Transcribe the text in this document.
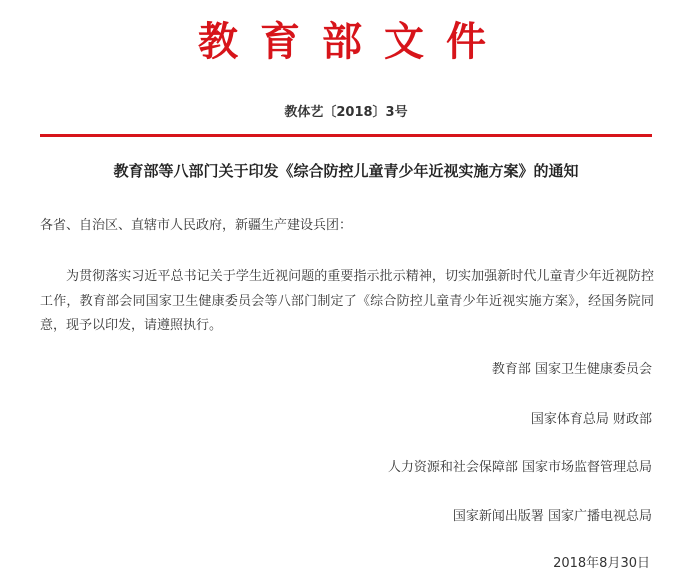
教育部文件
教体艺〔2018〕3号
教育部等八部门关于印发《综合防控儿童青少年近视实施方案》的通知
各省、自治区、直辖市人民政府，新疆生产建设兵团：

为贯彻落实习近平总书记关于学生近视问题的重要指示批示精神，切实加强新时代儿童青少年近视防控工作，教育部会同国家卫生健康委员会等八部门制定了《综合防控儿童青少年近视实施方案》，经国务院同意，现予以印发，请遵照执行。

教育部 国家卫生健康委员会
国家体育总局 财政部
人力资源和社会保障部 国家市场监督管理总局
国家新闻出版署 国家广播电视总局
2018年8月30日
